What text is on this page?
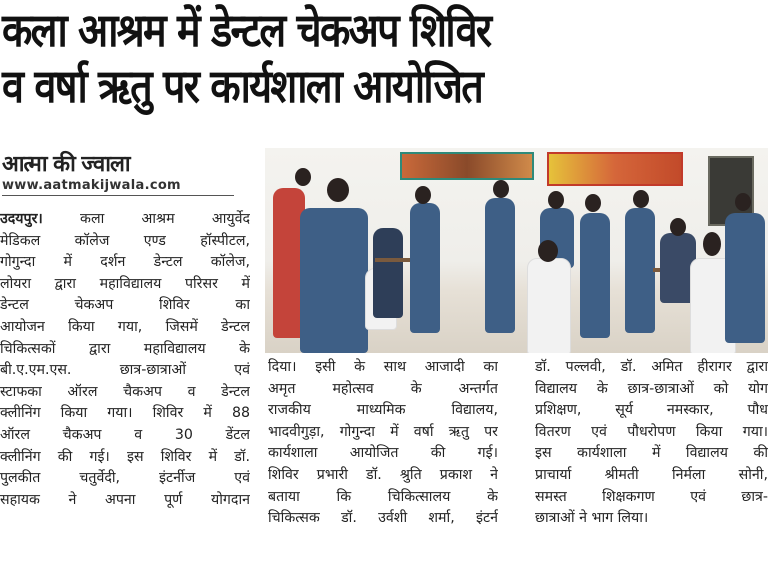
कला आश्रम में डेन्टल चेकअप शिविर
व वर्षा ऋतु पर कार्यशाला आयोजित
आत्मा की ज्वाला
www.aatmakijwala.com
उदयपुर। कला आश्रम आयुर्वेद
मेडिकल कॉलेज एण्ड हॉस्पीटल,
गोगुन्दा में दर्शन डेन्टल कॉलेज,
लोयरा द्वारा महाविद्यालय परिसर में
डेन्टल चेकअप शिविर का
आयोजन किया गया, जिसमें डेन्टल
चिकित्सकों द्वारा महाविद्यालय के
बी.ए.एम.एस. छात्र-छात्राओं एवं
स्टाफका ऑरल चैकअप व डेन्टल
क्लीनिंग किया गया। शिविर में 88
ऑरल चैकअप व 30 डेंटल
क्लीनिंग की गई। इस शिविर में डॉ.
पुलकीत चतुर्वेदी, इंटर्नीज एवं
सहायक ने अपना पूर्ण योगदान
दिया। इसी के साथ आजादी का
अमृत महोत्सव के अन्तर्गत
राजकीय माध्यमिक विद्यालय,
भादवीगुड़ा, गोगुन्दा में वर्षा ऋतु पर
कार्यशाला आयोजित की गई।
शिविर प्रभारी डॉ. श्रुति प्रकाश ने
बताया कि चिकित्सालय के
चिकित्सक डॉ. उर्वशी शर्मा, इंटर्न
डॉ. पल्लवी, डॉ. अमित हीरागर द्वारा
विद्यालय के छात्र-छात्राओं को योग
प्रशिक्षण, सूर्य नमस्कार, पौध
वितरण एवं पौधरोपण किया गया।
इस कार्यशाला में विद्यालय की
प्राचार्या श्रीमती निर्मला सोनी,
समस्त शिक्षकगण एवं छात्र-
छात्राओं ने भाग लिया।
